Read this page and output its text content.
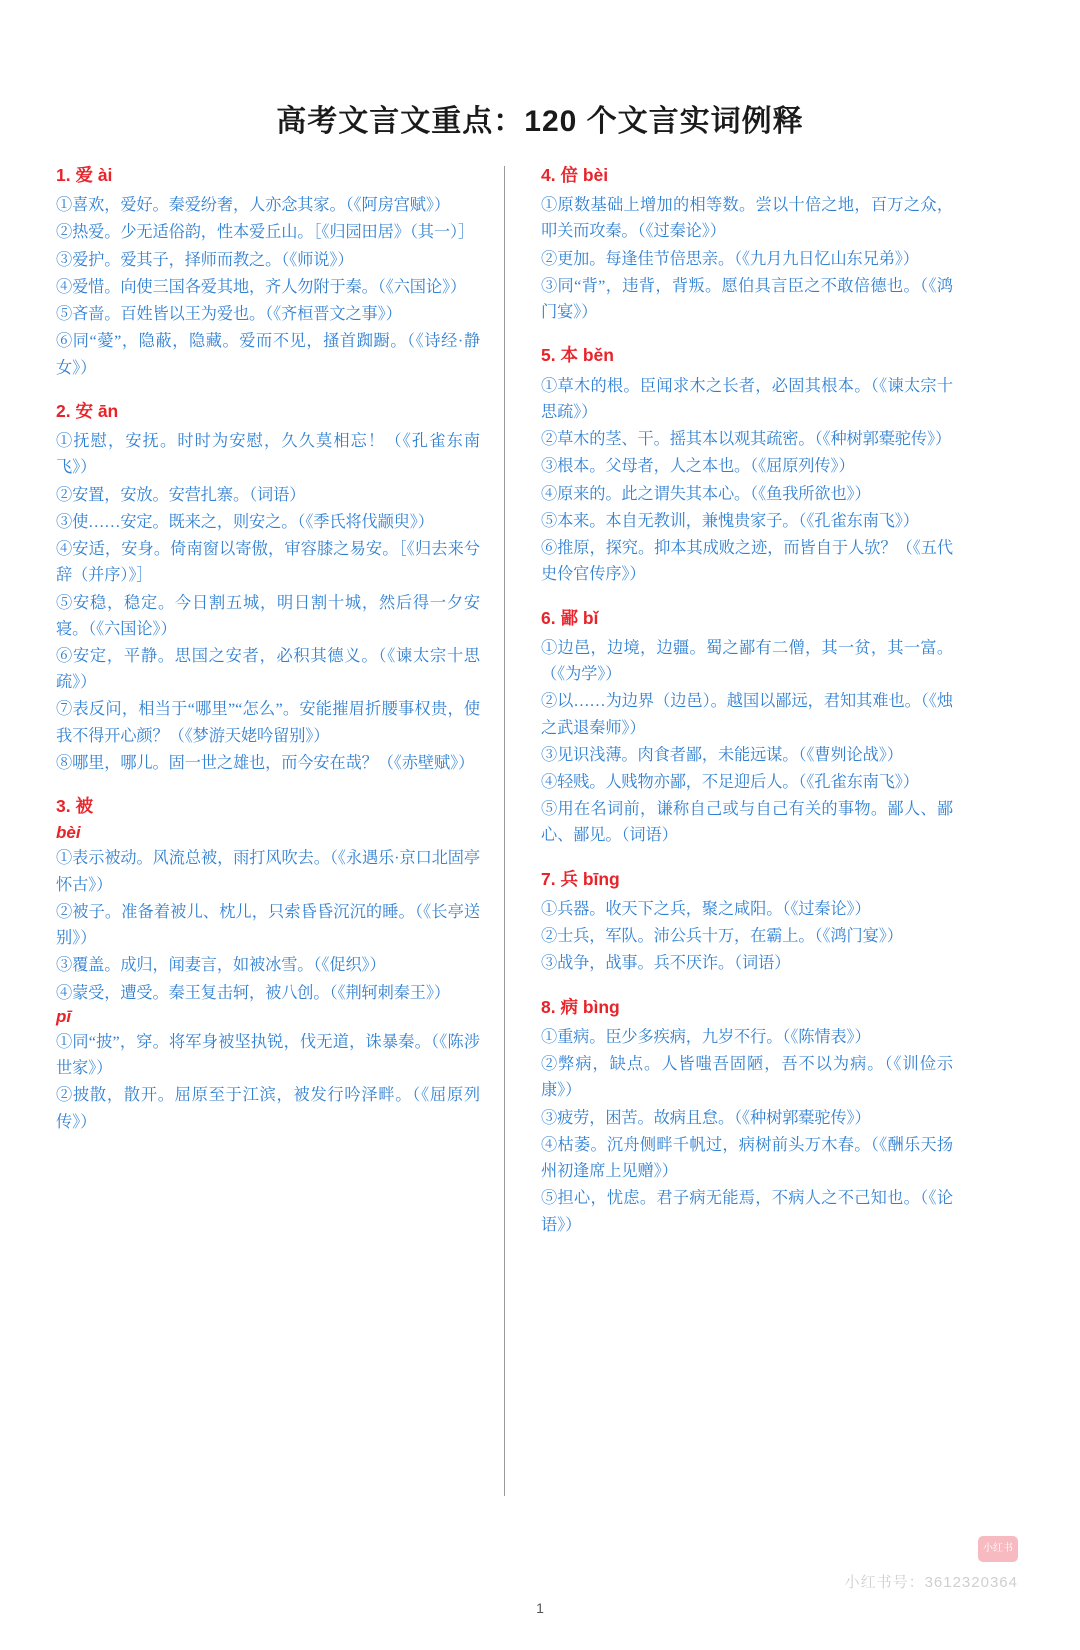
高考文言文重点：120 个文言实词例释
1. 爱 ài
①喜欢，爱好。秦爱纷奢，人亦念其家。（《阿房宫赋》）
②热爱。少无适俗韵，性本爱丘山。［《归园田居》（其一）］
③爱护。爱其子，择师而教之。（《师说》）
④爱惜。向使三国各爱其地，齐人勿附于秦。（《六国论》）
⑤吝啬。百姓皆以王为爱也。（《齐桓晋文之事》）
⑥同“薆”，隐蔽，隐藏。爱而不见，搔首踟蹰。（《诗经·静女》）
2. 安 ān
①抚慰，安抚。时时为安慰，久久莫相忘！（《孔雀东南飞》）
②安置，安放。安营扎寨。（词语）
③使……安定。既来之，则安之。（《季氏将伐颛臾》）
④安适，安身。倚南窗以寄傲，审容膝之易安。［《归去来兮辞（并序）》］
⑤安稳，稳定。今日割五城，明日割十城，然后得一夕安寝。（《六国论》）
⑥安定，平静。思国之安者，必积其德义。（《谏太宗十思疏》）
⑦表反问，相当于“哪里”“怎么”。安能摧眉折腰事权贵，使我不得开心颜？（《梦游天姥吟留别》）
⑧哪里，哪儿。固一世之雄也，而今安在哉？（《赤壁赋》）
3. 被
bèi
①表示被动。风流总被，雨打风吹去。（《永遇乐·京口北固亭怀古》）
②被子。准备着被儿、枕儿，只索昏昏沉沉的睡。（《长亭送别》）
③覆盖。成归，闻妻言，如被冰雪。（《促织》）
④蒙受，遭受。秦王复击轲，被八创。（《荆轲刺秦王》）
pī
①同“披”，穿。将军身被坚执锐，伐无道，诛暴秦。（《陈涉世家》）
②披散，散开。屈原至于江滨，被发行吟泽畔。（《屈原列传》）
4. 倍 bèi
①原数基础上增加的相等数。尝以十倍之地，百万之众，叩关而攻秦。（《过秦论》）
②更加。每逢佳节倍思亲。（《九月九日忆山东兄弟》）
③同“背”，违背，背叛。愿伯具言臣之不敢倍德也。（《鸿门宴》）
5. 本 běn
①草木的根。臣闻求木之长者，必固其根本。（《谏太宗十思疏》）
②草木的茎、干。摇其本以观其疏密。（《种树郭橐驼传》）
③根本。父母者，人之本也。（《屈原列传》）
④原来的。此之谓失其本心。（《鱼我所欲也》）
⑤本来。本自无教训，兼愧贵家子。（《孔雀东南飞》）
⑥推原，探究。抑本其成败之迹，而皆自于人欤？（《五代史伶官传序》）
6. 鄙 bǐ
①边邑，边境，边疆。蜀之鄙有二僧，其一贫，其一富。（《为学》）
②以……为边界（边邑）。越国以鄙远，君知其难也。（《烛之武退秦师》）
③见识浅薄。肉食者鄙，未能远谋。（《曹刿论战》）
④轻贱。人贱物亦鄙，不足迎后人。（《孔雀东南飞》）
⑤用在名词前，谦称自己或与自己有关的事物。鄙人、鄙心、鄙见。（词语）
7. 兵 bīng
①兵器。收天下之兵，聚之咸阳。（《过秦论》）
②士兵，军队。沛公兵十万，在霸上。（《鸿门宴》）
③战争，战事。兵不厌诈。（词语）
8. 病 bìng
①重病。臣少多疾病，九岁不行。（《陈情表》）
②弊病，缺点。人皆嗤吾固陋，吾不以为病。（《训俭示康》）
③疲劳，困苦。故病且怠。（《种树郭橐驼传》）
④枯萎。沉舟侧畔千帆过，病树前头万木春。（《酬乐天扬州初逢席上见赠》）
⑤担心，忧虑。君子病无能焉，不病人之不己知也。（《论语》）
小红书
小红书号：3612320364
1
